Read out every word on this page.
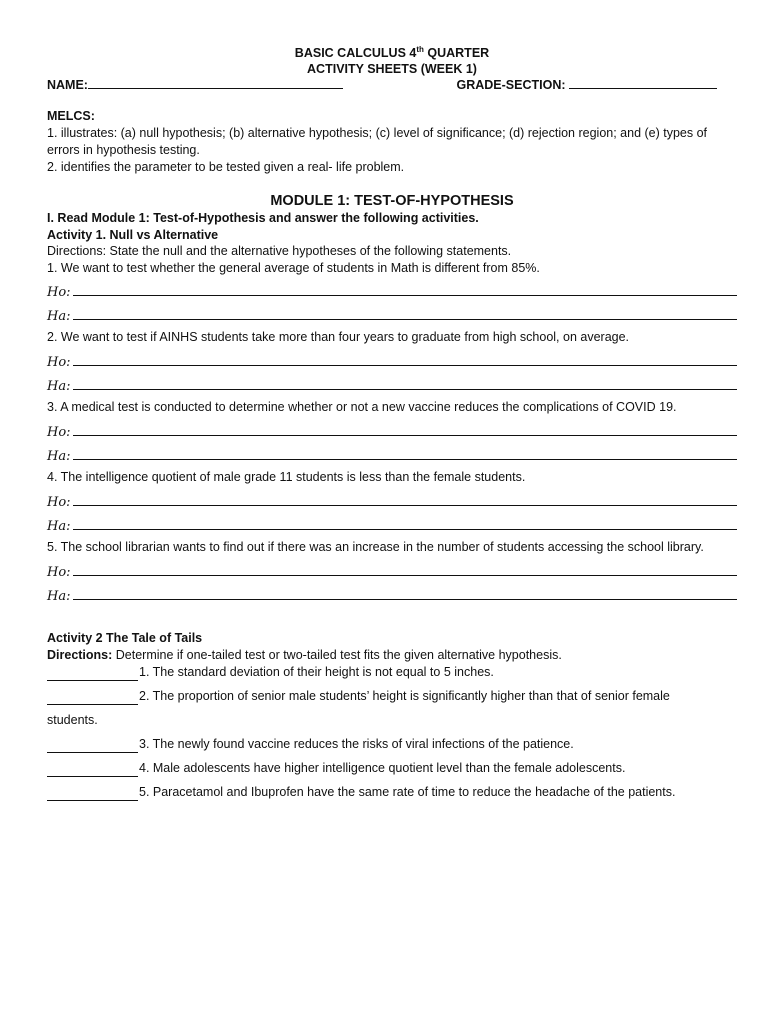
BASIC CALCULUS 4th QUARTER
ACTIVITY SHEETS (WEEK 1)
NAME:	GRADE-SECTION:
MELCS:
1. illustrates: (a) null hypothesis; (b) alternative hypothesis; (c) level of significance; (d) rejection region; and (e) types of errors in hypothesis testing.
2. identifies the parameter to be tested given a real- life problem.
MODULE 1: TEST-OF-HYPOTHESIS
I. Read Module 1: Test-of-Hypothesis and answer the following activities.
Activity 1. Null vs Alternative
Directions: State the null and the alternative hypotheses of the following statements.
1. We want to test whether the general average of students in Math is different from 85%.
Ho:
Ha:
2. We want to test if AINHS students take more than four years to graduate from high school, on average.
Ho:
Ha:
3. A medical test is conducted to determine whether or not a new vaccine reduces the complications of COVID 19.
Ho:
Ha:
4. The intelligence quotient of male grade 11 students is less than the female students.
Ho:
Ha:
5. The school librarian wants to find out if there was an increase in the number of students accessing the school library.
Ho:
Ha:
Activity 2 The Tale of Tails
Directions: Determine if one-tailed test or two-tailed test fits the given alternative hypothesis.
1. The standard deviation of their height is not equal to 5 inches.
2. The proportion of senior male students’ height is significantly higher than that of senior female
students.
3. The newly found vaccine reduces the risks of viral infections of the patience.
4. Male adolescents have higher intelligence quotient level than the female adolescents.
5. Paracetamol and Ibuprofen have the same rate of time to reduce the headache of the patients.
